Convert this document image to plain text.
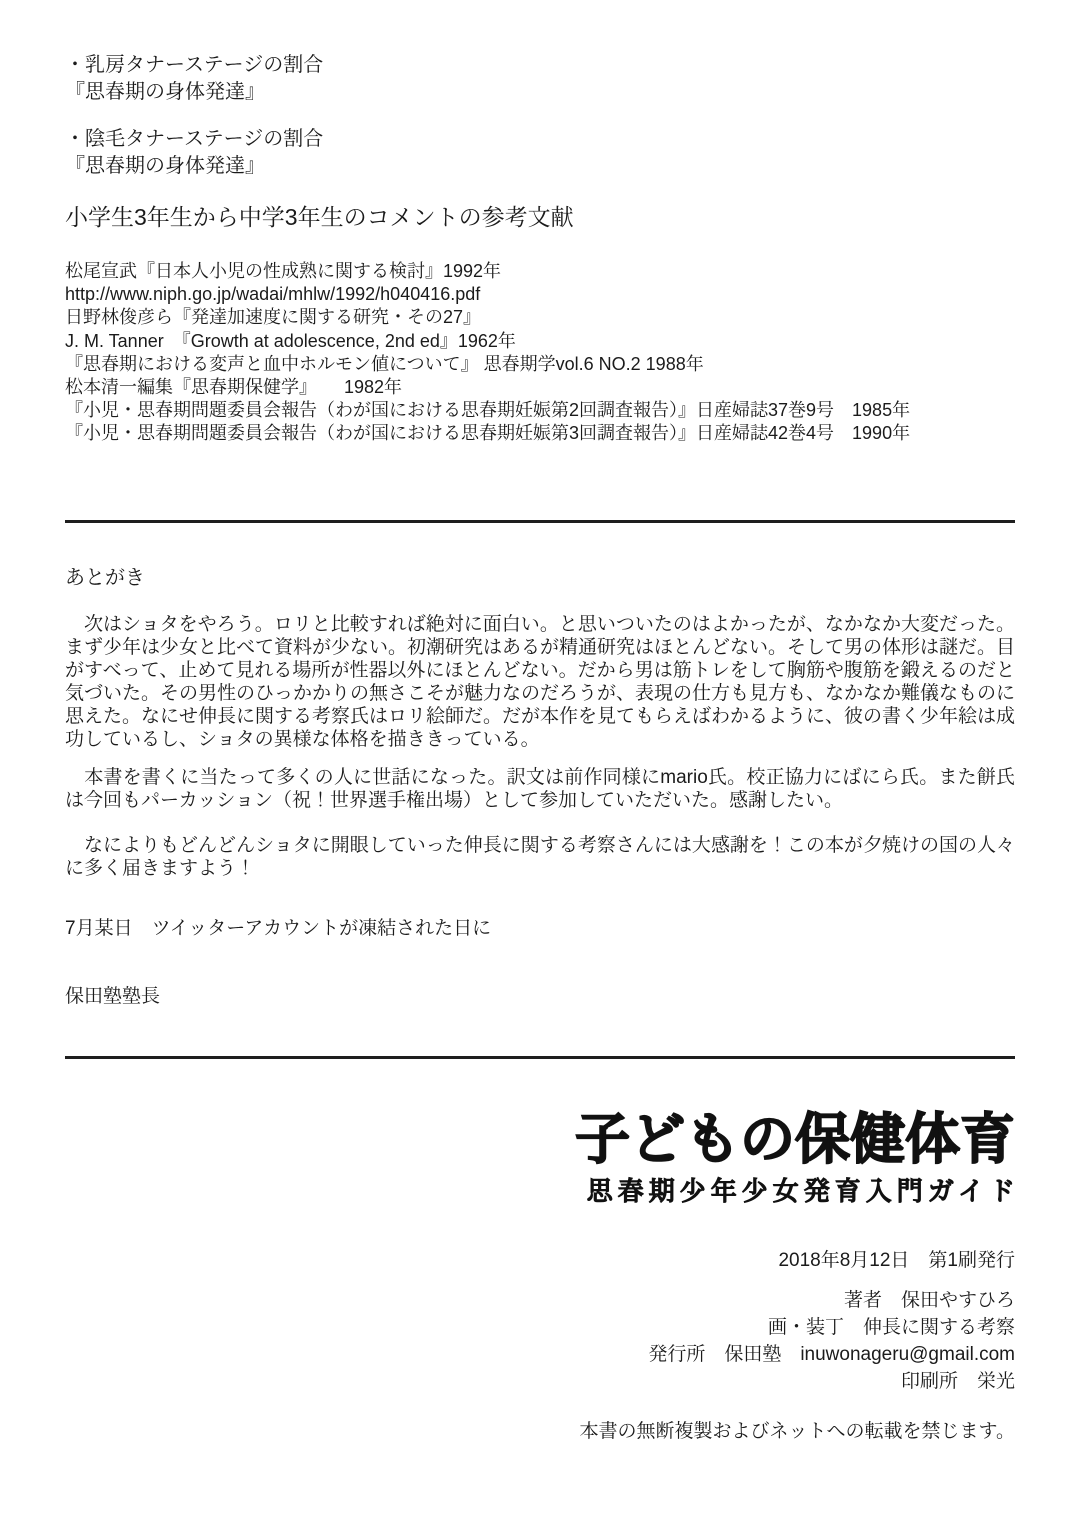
・乳房タナーステージの割合
『思春期の身体発達』
・陰毛タナーステージの割合
『思春期の身体発達』
小学生3年生から中学3年生のコメントの参考文献
松尾宣武『日本人小児の性成熟に関する検討』1992年
http://www.niph.go.jp/wadai/mhlw/1992/h040416.pdf
日野林俊彦ら『発達加速度に関する研究・その27』
J. M. Tanner　『Growth at adolescence, 2nd ed』1962年
『思春期における変声と血中ホルモン値について』 思春期学vol.6 NO.2 1988年
松本清一編集『思春期保健学』　　1982年
『小児・思春期問題委員会報告（わが国における思春期妊娠第2回調査報告）』日産婦誌37巻9号　1985年
『小児・思春期問題委員会報告（わが国における思春期妊娠第3回調査報告）』日産婦誌42巻4号　1990年
あとがき

　次はショタをやろう。ロリと比較すれば絶対に面白い。と思いついたのはよかったが、なかなか大変だった。まず少年は少女と比べて資料が少ない。初潮研究はあるが精通研究はほとんどない。そして男の体形は謎だ。目がすべって、止めて見れる場所が性器以外にほとんどない。だから男は筋トレをして胸筋や腹筋を鍛えるのだと気づいた。その男性のひっかかりの無さこそが魅力なのだろうが、表現の仕方も見方も、なかなか難儀なものに思えた。なにせ伸長に関する考察氏はロリ絵師だ。だが本作を見てもらえばわかるように、彼の書く少年絵は成功しているし、ショタの異様な体格を描ききっている。

　本書を書くに当たって多くの人に世話になった。訳文は前作同様にmario氏。校正協力にばにら氏。また餅氏は今回もパーカッション（祝！世界選手権出場）として参加していただいた。感謝したい。

　なによりもどんどんショタに開眼していった伸長に関する考察さんには大感謝を！この本が夕焼けの国の人々に多く届きますよう！

7月某日　ツイッターアカウントが凍結された日に
保田塾塾長
子どもの保健体育
思春期少年少女発育入門ガイド
2018年8月12日　第1刷発行
著者　保田やすひろ
画・装丁　伸長に関する考察
発行所　保田塾　inuwonageru@gmail.com
印刷所　栄光
本書の無断複製およびネットへの転載を禁じます。
